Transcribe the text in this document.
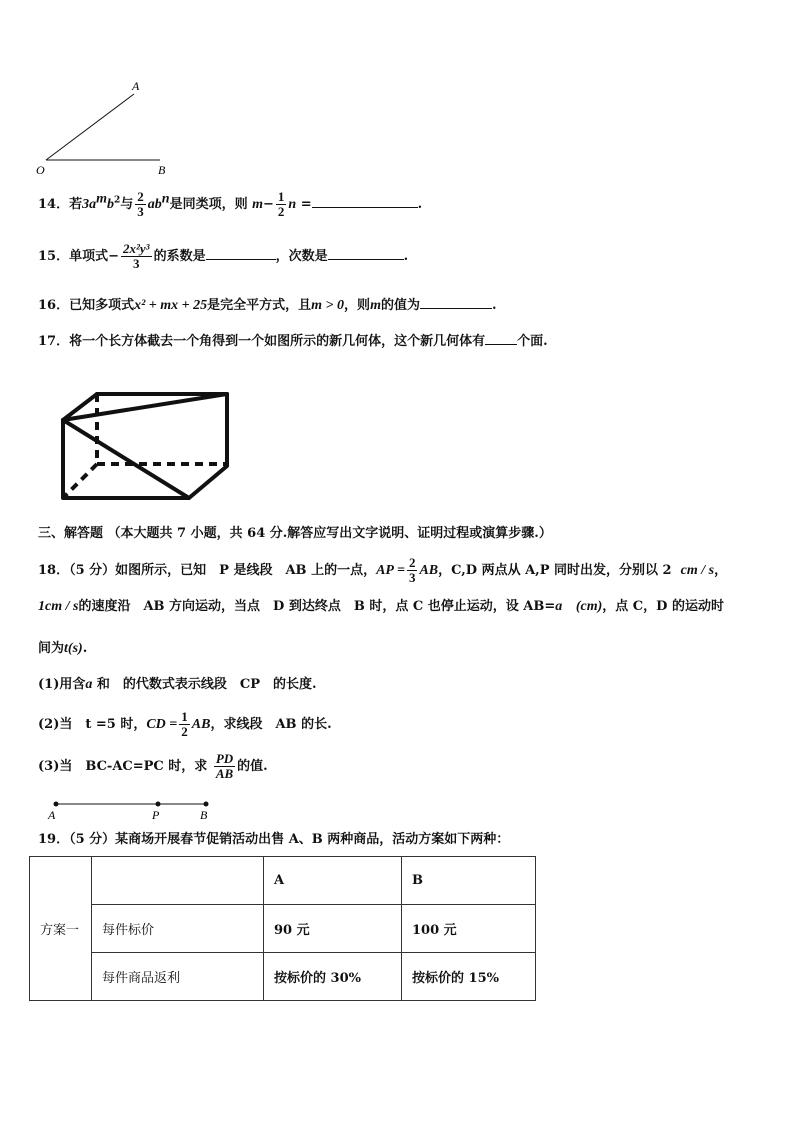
A
O	B
14．若$3a^mb^2$与 $\frac{2}{3} ab^n$是同类项，则 $m- \frac{1}{2}$ n =	.
15．单项式− $\frac{\text{2x²y³}}{3}$ 的系数是	，次数是	.
16．已知多项式x² + mx + 25是完全平方式，且m > 0，则m的值为	.
17．将一个长方体截去一个角得到一个如图所示的新几何体，这个新几何体有 个面.
三、解答题 （本大题共 7 小题，共 64 分.解答应写出文字说明、证明过程或演算步骤.）
18．（5 分）如图所示，已知　P 是线段　AB 上的一点，AP = $\frac{2}{3}$ AB，C,D 两点从 A,P 同时出发，分别以 2 cm / s，
1cm / s的速度沿　AB 方向运动，当点　D 到达终点　B 时，点 C 也停止运动，设 AB=a (cm)，点 C，D 的运动时
间为t(s).
(1)用含a 和　的代数式表示线段　CP　的长度.
(2)当　t =5 时，CD = $\frac{1}{2}$ AB，求线段　AB 的长.
(3)当　BC-AC=PC 时，求 $\frac{PD}{AB}$ 的值.
A	P	B
19．（5 分）某商场开展春节促销活动出售 A、B 两种商品，活动方案如下两种：
方案一		A	B
	每件标价	90 元	100 元
	每件商品返利	按标价的 30%	按标价的 15%
